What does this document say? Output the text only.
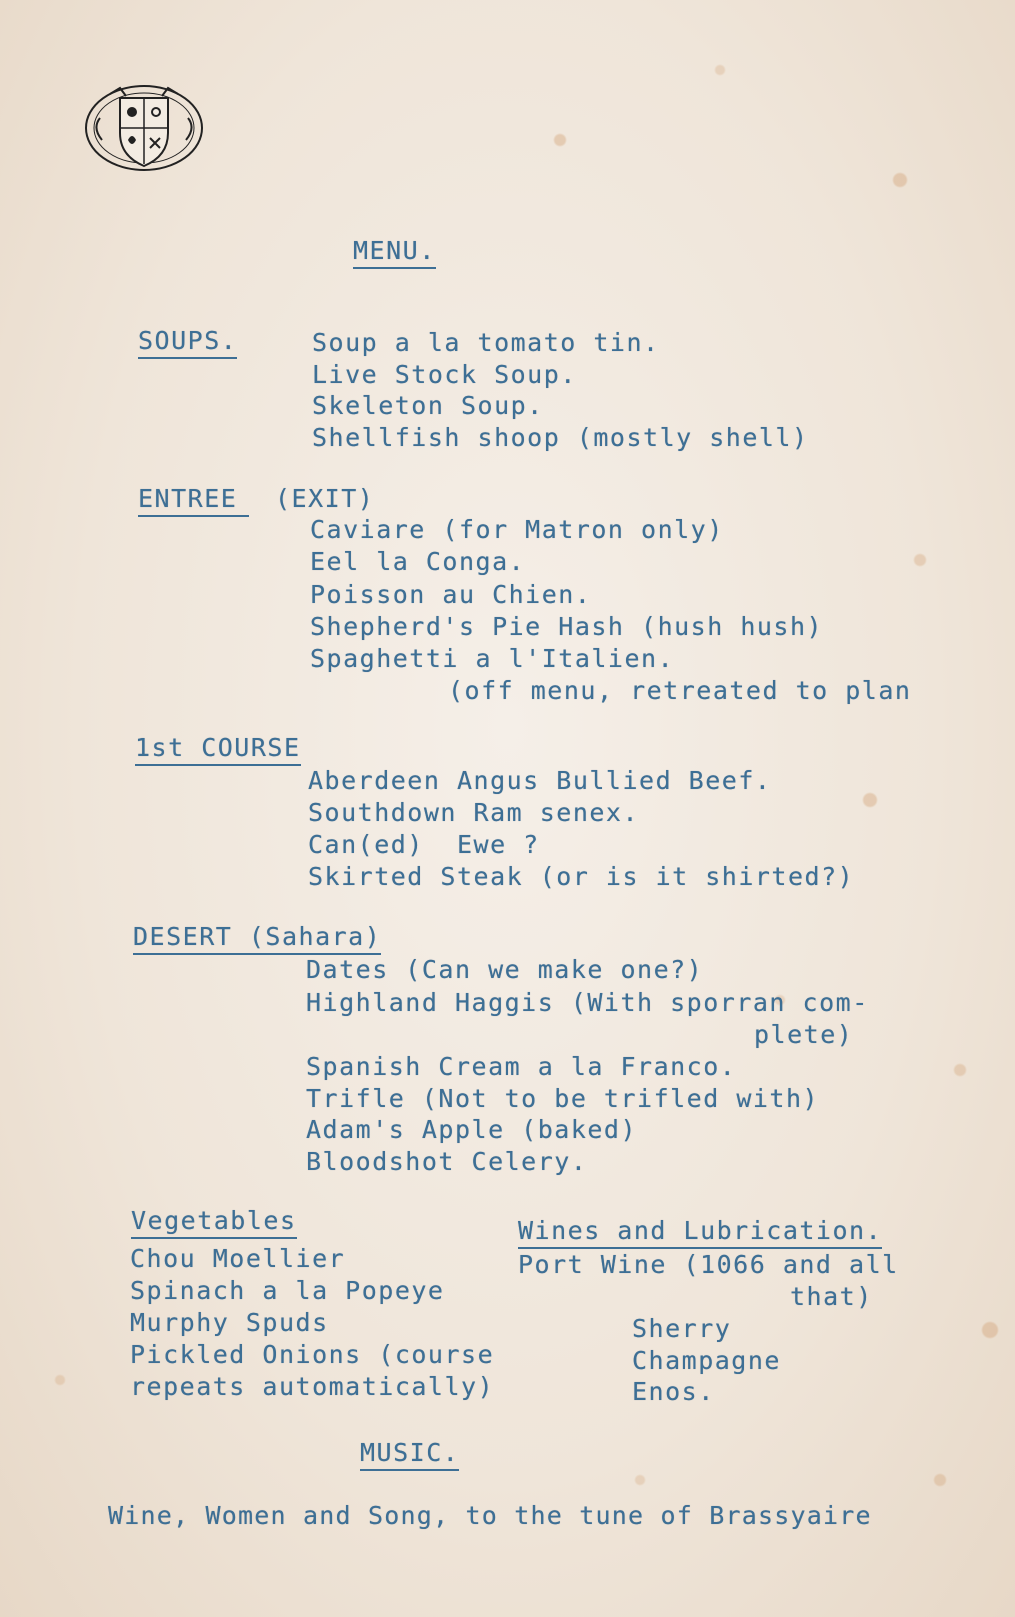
MENU.
SOUPS.	Soup a la tomato tin.
Live Stock Soup.
Skeleton Soup.
Shellfish shoop (mostly shell)
ENTREE	(EXIT)
Caviare (for Matron only)
Eel la Conga.
Poisson au Chien.
Shepherd's Pie Hash (hush hush)
Spaghetti a l'Italien.
(off menu, retreated to plan
1st COURSE
Aberdeen Angus Bullied Beef.
Southdown Ram senex.
Can(ed)  Ewe ?
Skirted Steak (or is it shirted?)
DESERT (Sahara)
Dates (Can we make one?)
Highland Haggis (With sporran com-
plete)
Spanish Cream a la Franco.
Trifle (Not to be trifled with)
Adam's Apple (baked)
Bloodshot Celery.
Vegetables
Chou Moellier
Spinach a la Popeye
Murphy Spuds
Pickled Onions (course
repeats automatically)
Wines and Lubrication.
Port Wine (1066 and all
that)
Sherry
Champagne
Enos.
MUSIC.
Wine, Women and Song, to the tune of Brassyaire
